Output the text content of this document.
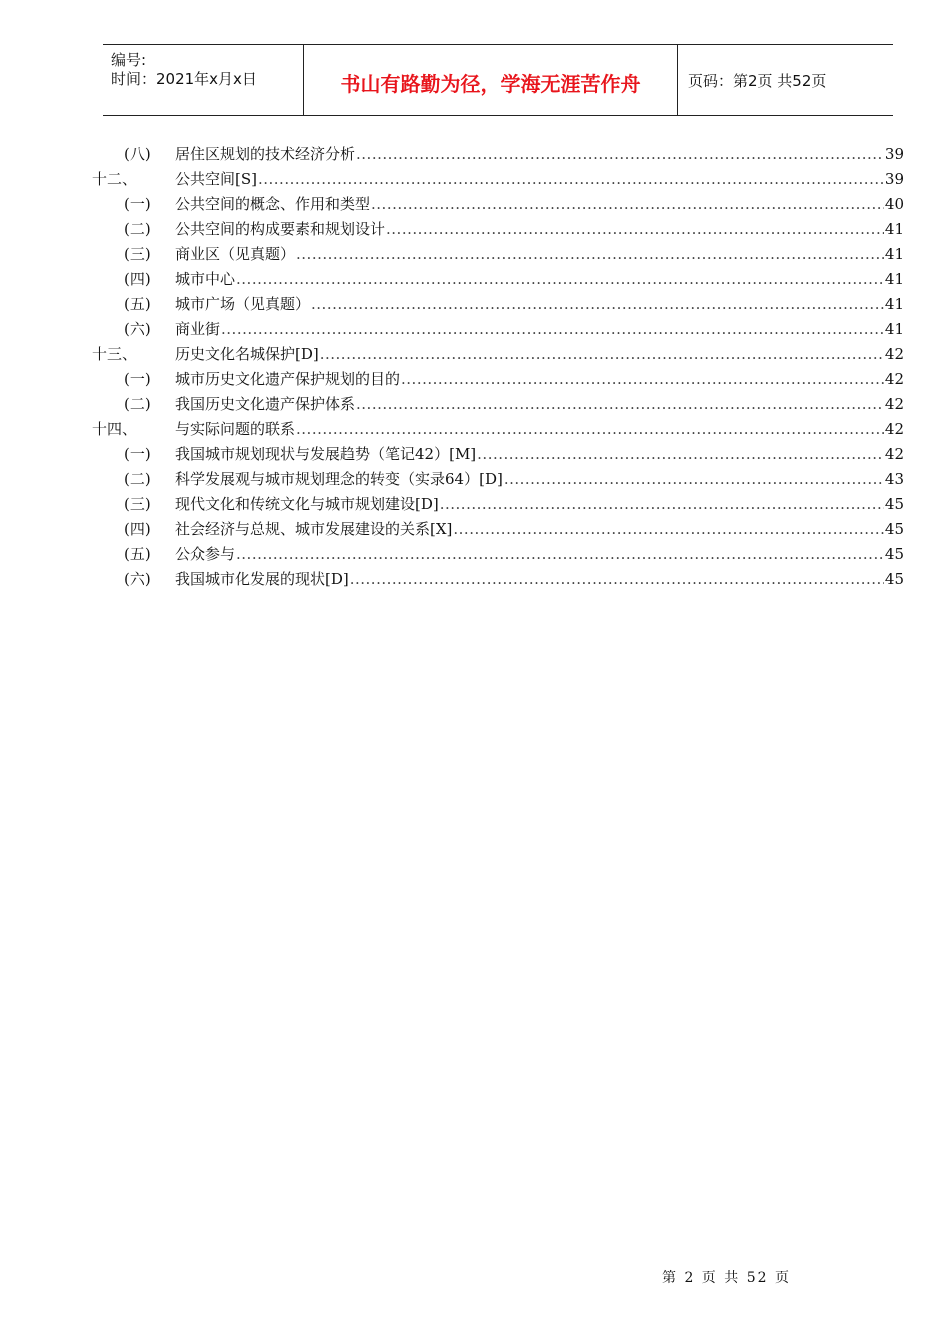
编号:
时间：2021年x月x日	书山有路勤为径，学海无涯苦作舟	页码：第2页 共52页
(八) 居住区规划的技术经济分析 .....	39
十二、	公共空间[S] .....	39
(一) 公共空间的概念、作用和类型 .....	40
(二) 公共空间的构成要素和规划设计 .....	41
(三) 商业区（见真题） .....	41
(四) 城市中心 .....	41
(五) 城市广场（见真题） .....	41
(六) 商业街 .....	41
十三、	历史文化名城保护[D] .....	42
(一) 城市历史文化遗产保护规划的目的 .....	42
(二) 我国历史文化遗产保护体系 .....	42
十四、	与实际问题的联系 .....	42
(一) 我国城市规划现状与发展趋势（笔记42）[M] .....	42
(二) 科学发展观与城市规划理念的转变（实录64）[D] .....	43
(三) 现代文化和传统文化与城市规划建设[D] .....	45
(四) 社会经济与总规、城市发展建设的关系[X] .....	45
(五) 公众参与 .....	45
(六) 我国城市化发展的现状[D] .....	45
第 2 页 共 52 页
